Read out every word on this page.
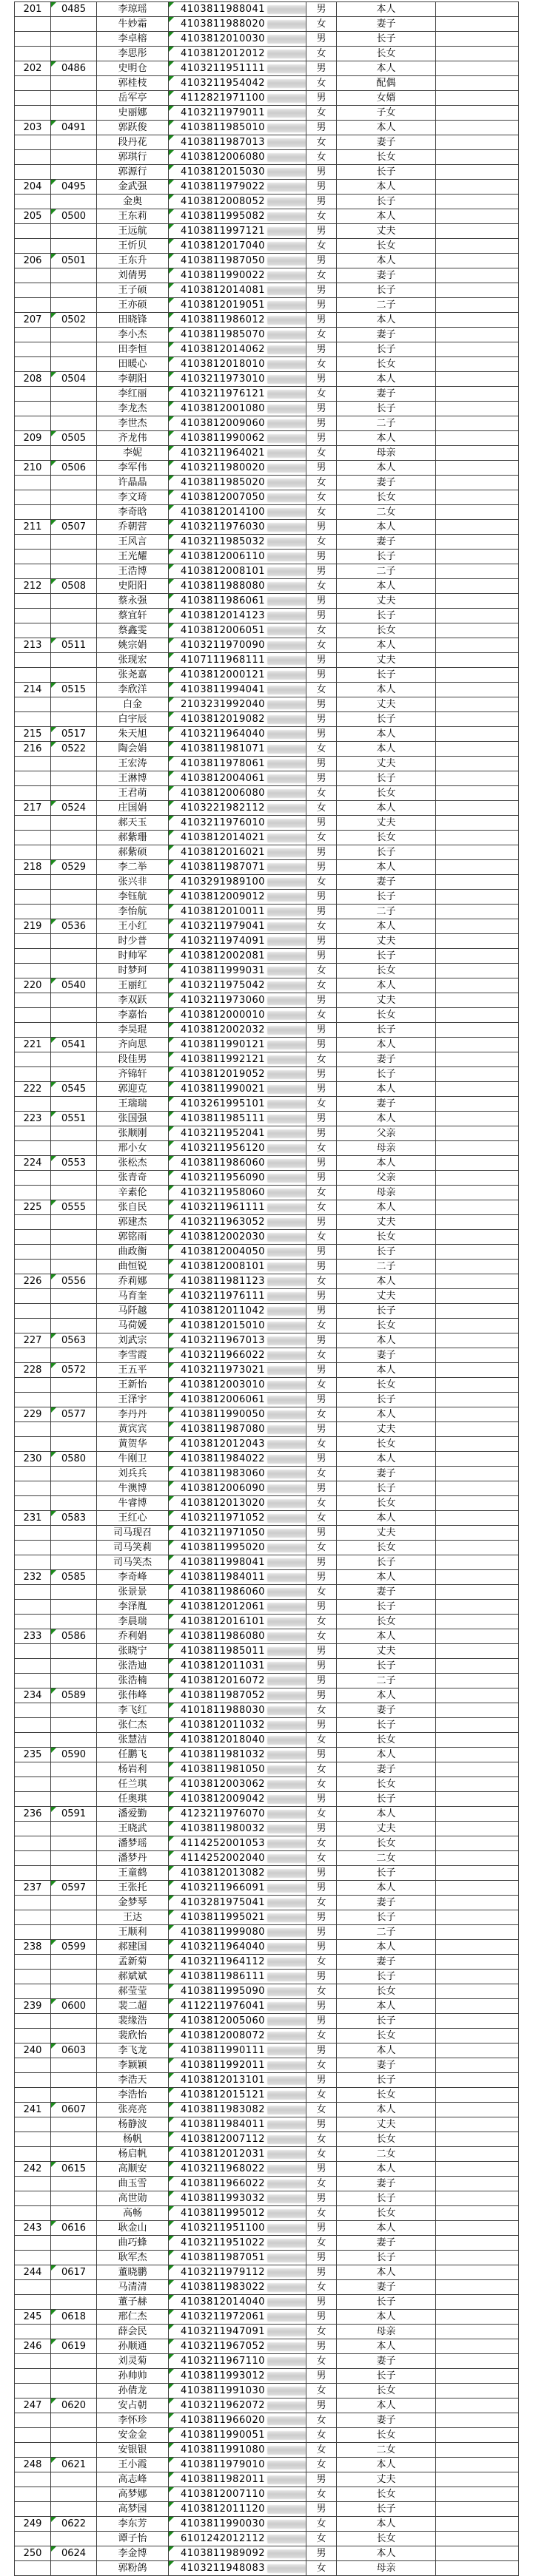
201	0485	李琼瑶	4103811988041	男	本人	
		牛妙霜	4103811988020	女	妻子	
		李卓榕	4103812010030	男	长子	
		李思彤	4103812012012	女	长女	
202	0486	史明仓	4103211951111	男	本人	
		郭桂枝	4103211954042	女	配偶	
		岳军亭	4112821971100	男	女婿	
		史丽娜	4103211979011	女	子女	
203	0491	郭跃俊	4103811985010	男	本人	
		段丹花	4103811987013	女	妻子	
		郭琪行	4103812006080	女	长女	
		郭源行	4103812015030	男	长子	
204	0495	金武强	4103811979022	男	本人	
		金奥	4103812008052	男	长子	
205	0500	王东莉	4103811995082	女	本人	
		王远航	4103811997121	男	丈夫	
		王忻贝	4103812017040	女	长女	
206	0501	王东升	4103811987050	男	本人	
		刘倩男	4103811990022	女	妻子	
		王子硕	4103812014081	男	长子	
		王亦硕	4103812019051	男	二子	
207	0502	田晓锋	4103811986012	男	本人	
		李小杰	4103811985070	女	妻子	
		田李恒	4103812014062	男	长子	
		田暖心	4103812018010	女	长女	
208	0504	李朝阳	4103211973010	男	本人	
		李红丽	4103211976121	女	妻子	
		李龙杰	4103812001080	男	长子	
		李世杰	4103812009060	男	二子	
209	0505	齐龙伟	4103811990062	男	本人	
		李妮	4103211964021	女	母亲	
210	0506	李军伟	4103211980020	男	本人	
		许晶晶	4103811985020	女	妻子	
		李文琦	4103812007050	女	长女	
		李奇晗	4103812014100	女	二女	
211	0507	乔朝营	4103211976030	男	本人	
		王风言	4103211985032	女	妻子	
		王光耀	4103812006110	男	长子	
		王浩博	4103812008101	男	二子	
212	0508	史阳阳	4103811988080	女	本人	
		蔡永强	4103811986061	男	丈夫	
		蔡宜轩	4103812014123	男	长子	
		蔡鑫雯	4103812006051	女	长女	
213	0511	姚宗娟	4103211970090	女	本人	
		张现宏	4107111968111	男	丈夫	
		张尧嘉	4103812000121	男	长子	
214	0515	李欣洋	4103811994041	女	本人	
		白金	2103231992040	男	丈夫	
		白宇辰	4103812019082	男	长子	
215	0517	朱天旭	4103211964040	男	本人	
216	0522	陶会娟	4103811981071	女	本人	
		王宏涛	4103811978061	男	丈夫	
		王淋博	4103812004061	男	长子	
		王君萌	4103812006080	女	长女	
217	0524	庄国娟	4103221982112	女	本人	
		郝天玉	4103211976010	男	丈夫	
		郝紫珊	4103812014021	女	长女	
		郝紫硕	4103812016021	男	长子	
218	0529	李二举	4103811987071	男	本人	
		张兴非	4103291989100	女	妻子	
		李钰航	4103812009012	男	长子	
		李怡航	4103812010011	男	二子	
219	0536	王小红	4103211979041	女	本人	
		时少普	4103211974091	男	丈夫	
		时帅军	4103812002081	男	长子	
		时梦珂	4103811999031	女	长女	
220	0540	王丽红	4103211975042	女	本人	
		李双跃	4103211973060	男	丈夫	
		李嘉怡	4103812000010	女	长女	
		李昊琨	4103812002032	男	长子	
221	0541	齐向思	4103811990121	男	本人	
		段佳男	4103811992121	女	妻子	
		齐锦轩	4103812019052	男	长子	
222	0545	郭迎克	4103811990021	男	本人	
		王瑞瑞	4103261995101	女	妻子	
223	0551	张国强	4103811985111	男	本人	
		张顺刚	4103211952041	男	父亲	
		邢小女	4103211956120	女	母亲	
224	0553	张松杰	4103811986060	男	本人	
		张青奇	4103211956090	男	父亲	
		辛素伦	4103211958060	女	母亲	
225	0555	张自民	4103211961111	女	本人	
		郭建杰	4103211963052	男	丈夫	
		郭铭雨	4103812002030	女	长女	
		曲政衡	4103812004050	男	长子	
		曲恒锐	4103812008101	男	二子	
226	0556	乔莉娜	4103811981123	女	本人	
		马育奎	4103211976111	男	丈夫	
		马阡越	4103812011042	男	长子	
		马荷媛	4103812015010	女	长女	
227	0563	刘武宗	4103211967013	男	本人	
		李雪霞	4103211966022	女	妻子	
228	0572	王五平	4103211973021	男	本人	
		王新怡	4103812003010	女	长女	
		王泽宇	4103812006061	男	长子	
229	0577	李丹丹	4103811990050	女	本人	
		黄宾宾	4103811987080	男	丈夫	
		黄贺华	4103812012043	女	长女	
230	0580	牛刚卫	4103811984022	男	本人	
		刘兵兵	4103811983060	女	妻子	
		牛澳博	4103812006090	男	长子	
		牛睿博	4103812013020	女	长女	
231	0583	王红心	4103211971052	女	本人	
		司马现召	4103211971050	男	丈夫	
		司马笑莉	4103811995020	女	长女	
		司马笑杰	4103811998041	男	长子	
232	0585	李奇峰	4103811984011	男	本人	
		张景景	4103811986060	女	妻子	
		李泽胤	4103812012061	男	长子	
		李晨瑞	4103812016101	女	长女	
233	0586	乔利娟	4103811986080	女	本人	
		张晓宁	4103811985011	男	丈夫	
		张浩迪	4103812011031	男	长子	
		张浩楠	4103812016072	男	二子	
234	0589	张伟峰	4103811987052	男	本人	
		李飞红	4101811988030	女	妻子	
		张仁杰	4103812011032	男	长子	
		张慧洁	4103812018040	女	长女	
235	0590	任鹏飞	4103811981032	男	本人	
		杨岩利	4103811981050	女	妻子	
		任兰琪	4103812003062	女	长女	
		任奥琪	4103812009042	男	长子	
236	0591	潘爱勤	4123211976070	女	本人	
		王晓武	4103811980032	男	丈夫	
		潘梦瑶	4114252001053	女	长女	
		潘梦丹	4114252002040	女	二女	
		王童鹤	4103812013082	男	长子	
237	0597	王张托	4103211966091	男	本人	
		金梦琴	4103281975041	女	妻子	
		王达	4103811995021	男	长子	
		王顺利	4103811999080	男	二子	
238	0599	郝建国	4103211964040	男	本人	
		孟新菊	4103211964112	女	妻子	
		郝斌斌	4103811986111	男	长子	
		郝莹莹	4103811995090	女	长女	
239	0600	裴二超	4112211976041	男	本人	
		裴缘浩	4103812005060	男	长子	
		裴欣怡	4103812008072	女	长女	
240	0603	李飞龙	4103811990111	男	本人	
		李颖颖	4103811992011	女	妻子	
		李浩天	4103812013101	男	长子	
		李浩怡	4103812015121	女	长女	
241	0607	张亮亮	4103811983082	女	本人	
		杨静波	4103811984011	男	丈夫	
		杨帆	4103812007112	女	长女	
		杨启帆	4103812012031	女	二女	
242	0615	高顺安	4103211968022	男	本人	
		曲玉雪	4103811966022	女	妻子	
		高世勋	4103811993032	男	长子	
		高畅	4103811995012	女	长女	
243	0616	耿金山	4103211951100	男	本人	
		曲巧蜂	4103211951022	女	妻子	
		耿军杰	4103811987051	男	长子	
244	0617	董晓鹏	4103211979112	男	本人	
		马清清	4103811983022	女	妻子	
		董子赫	4103812014040	男	长子	
245	0618	邢仁杰	4103211972061	男	本人	
		薛会民	4103211947091	女	母亲	
246	0619	孙顺通	4103211967052	男	本人	
		刘灵菊	4103211967110	女	妻子	
		孙帅帅	4103811993012	男	长子	
		孙倩龙	4103811991030	女	长女	
247	0620	安占朝	4103211962072	男	本人	
		李怀珍	4103811966020	女	妻子	
		安金金	4103811990051	女	长女	
		安银银	4103811991080	女	二女	
248	0621	王小霞	4103811979010	女	本人	
		高志峰	4103811982011	男	丈夫	
		高梦娜	4103812007110	女	长女	
		高梦园	4103812011120	男	长子	
249	0622	李东芳	4103811990030	女	本人	
		谭子怡	6101242012112	女	长女	
250	0624	李金博	4103811989092	男	本人	
		郭粉鸽	4103211948083	女	母亲	
